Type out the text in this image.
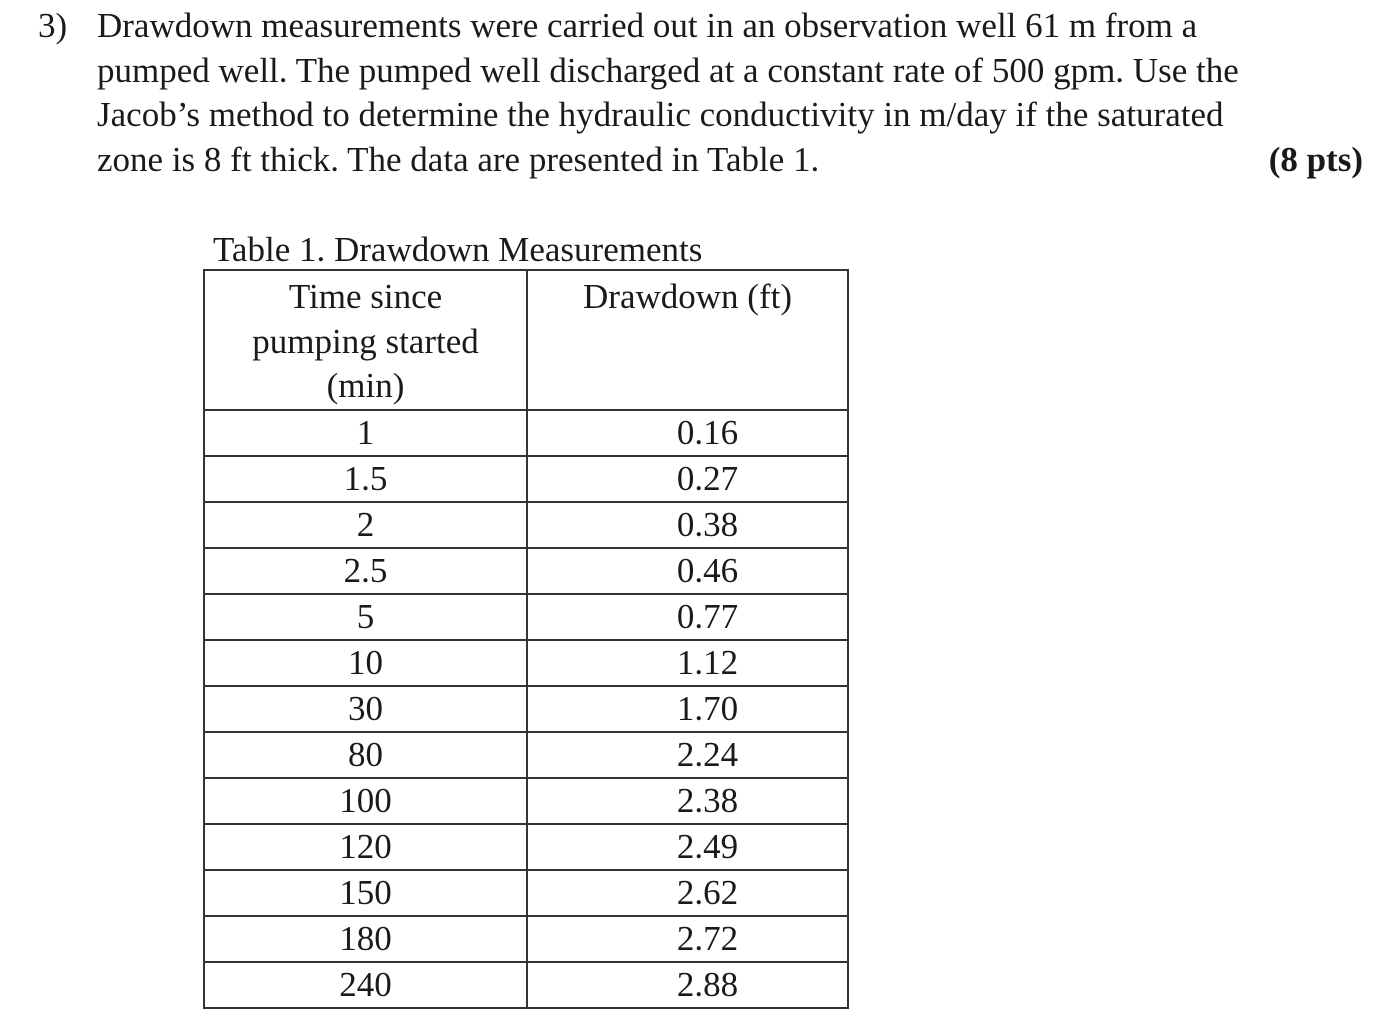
3) Drawdown measurements were carried out in an observation well 61 m from a
pumped well. The pumped well discharged at a constant rate of 500 gpm. Use the
Jacob’s method to determine the hydraulic conductivity in m/day if the saturated
zone is 8 ft thick. The data are presented in Table 1.	(8 pts)
Table 1. Drawdown Measurements
Time since
pumping started
(min)	Drawdown (ft)
1	0.16
1.5	0.27
2	0.38
2.5	0.46
5	0.77
10	1.12
30	1.70
80	2.24
100	2.38
120	2.49
150	2.62
180	2.72
240	2.88
